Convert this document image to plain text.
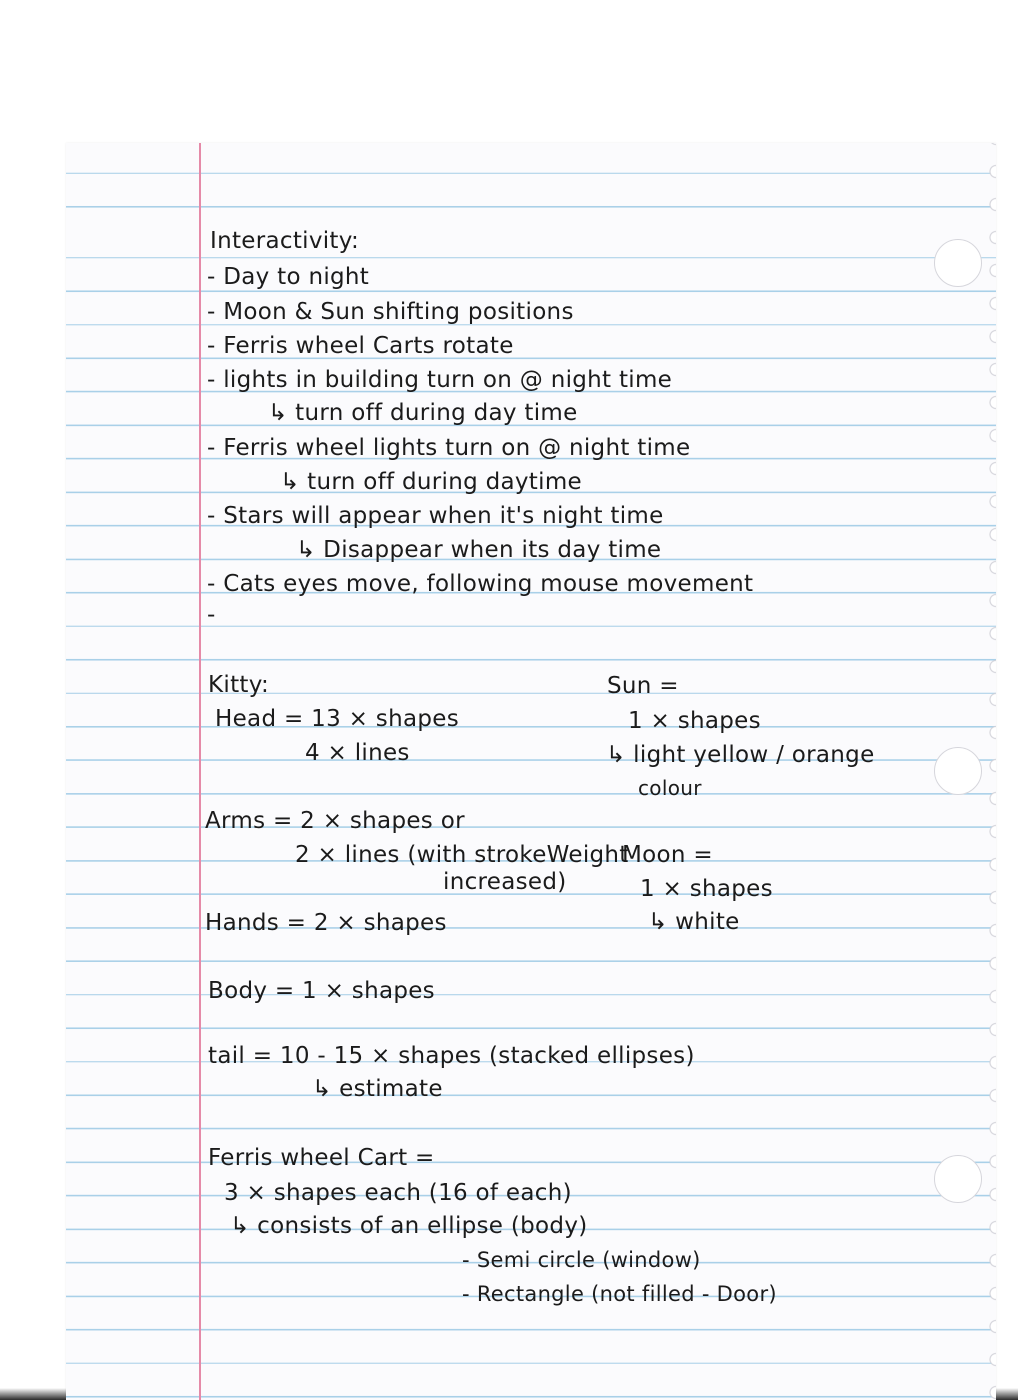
Interactivity:
- Day to night
- Moon & Sun shifting positions
- Ferris wheel Carts rotate
- lights in building turn on @ night time
↳ turn off during day time
- Ferris wheel lights turn on @ night time
↳ turn off during daytime
- Stars will appear when it's night time
↳ Disappear when its day time
- Cats eyes move, following mouse movement
-
Kitty:
Head = 13 × shapes
4 × lines
Arms = 2 × shapes or
2 × lines (with strokeWeight
increased)
Hands = 2 × shapes
Body = 1 × shapes
tail = 10 - 15 × shapes (stacked ellipses)
↳ estimate
Sun =
1 × shapes
↳ light yellow / orange
colour
Moon =
1 × shapes
↳ white
Ferris wheel Cart =
3 × shapes each (16 of each)
↳ consists of an ellipse (body)
- Semi circle (window)
- Rectangle (not filled - Door)
